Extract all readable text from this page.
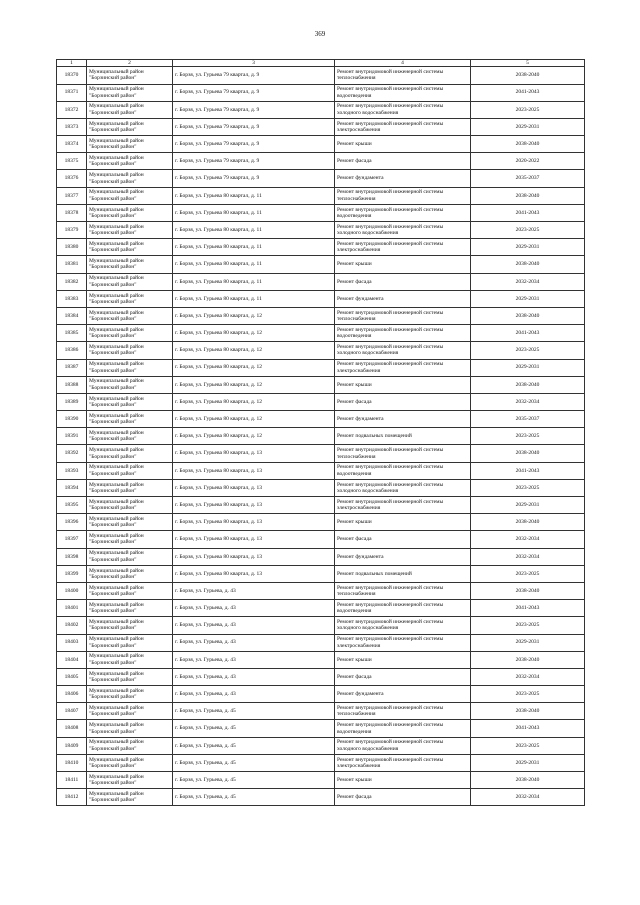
369
1	2	3	4	5
18370	Муниципальный район "Борзинский район"	г. Борзя, ул. Гурьева 79 квартал, д. 9	Ремонт внутридомовой инженерной системы теплоснабжения	2038-2040
18371	Муниципальный район "Борзинский район"	г. Борзя, ул. Гурьева 79 квартал, д. 9	Ремонт внутридомовой инженерной системы водоотведения	2041-2043
18372	Муниципальный район "Борзинский район"	г. Борзя, ул. Гурьева 79 квартал, д. 9	Ремонт внутридомовой инженерной системы холодного водоснабжения	2023-2025
18373	Муниципальный район "Борзинский район"	г. Борзя, ул. Гурьева 79 квартал, д. 9	Ремонт внутридомовой инженерной системы электроснабжения	2029-2031
18374	Муниципальный район "Борзинский район"	г. Борзя, ул. Гурьева 79 квартал, д. 9	Ремонт крыши	2038-2040
18375	Муниципальный район "Борзинский район"	г. Борзя, ул. Гурьева 79 квартал, д. 9	Ремонт фасада	2020-2022
18376	Муниципальный район "Борзинский район"	г. Борзя, ул. Гурьева 79 квартал, д. 9	Ремонт фундамента	2035-2037
18377	Муниципальный район "Борзинский район"	г. Борзя, ул. Гурьева 80 квартал, д. 11	Ремонт внутридомовой инженерной системы теплоснабжения	2038-2040
18378	Муниципальный район "Борзинский район"	г. Борзя, ул. Гурьева 80 квартал, д. 11	Ремонт внутридомовой инженерной системы водоотведения	2041-2043
18379	Муниципальный район "Борзинский район"	г. Борзя, ул. Гурьева 80 квартал, д. 11	Ремонт внутридомовой инженерной системы холодного водоснабжения	2023-2025
18380	Муниципальный район "Борзинский район"	г. Борзя, ул. Гурьева 80 квартал, д. 11	Ремонт внутридомовой инженерной системы электроснабжения	2029-2031
18381	Муниципальный район "Борзинский район"	г. Борзя, ул. Гурьева 80 квартал, д. 11	Ремонт крыши	2038-2040
18382	Муниципальный район "Борзинский район"	г. Борзя, ул. Гурьева 80 квартал, д. 11	Ремонт фасада	2032-2034
18383	Муниципальный район "Борзинский район"	г. Борзя, ул. Гурьева 80 квартал, д. 11	Ремонт фундамента	2029-2031
18384	Муниципальный район "Борзинский район"	г. Борзя, ул. Гурьева 80 квартал, д. 12	Ремонт внутридомовой инженерной системы теплоснабжения	2038-2040
18385	Муниципальный район "Борзинский район"	г. Борзя, ул. Гурьева 80 квартал, д. 12	Ремонт внутридомовой инженерной системы водоотведения	2041-2043
18386	Муниципальный район "Борзинский район"	г. Борзя, ул. Гурьева 80 квартал, д. 12	Ремонт внутридомовой инженерной системы холодного водоснабжения	2023-2025
18387	Муниципальный район "Борзинский район"	г. Борзя, ул. Гурьева 80 квартал, д. 12	Ремонт внутридомовой инженерной системы электроснабжения	2029-2031
18388	Муниципальный район "Борзинский район"	г. Борзя, ул. Гурьева 80 квартал, д. 12	Ремонт крыши	2038-2040
18389	Муниципальный район "Борзинский район"	г. Борзя, ул. Гурьева 80 квартал, д. 12	Ремонт фасада	2032-2034
18390	Муниципальный район "Борзинский район"	г. Борзя, ул. Гурьева 80 квартал, д. 12	Ремонт фундамента	2035-2037
18391	Муниципальный район "Борзинский район"	г. Борзя, ул. Гурьева 80 квартал, д. 12	Ремонт подвальных помещений	2023-2025
18392	Муниципальный район "Борзинский район"	г. Борзя, ул. Гурьева 80 квартал, д. 13	Ремонт внутридомовой инженерной системы теплоснабжения	2038-2040
18393	Муниципальный район "Борзинский район"	г. Борзя, ул. Гурьева 80 квартал, д. 13	Ремонт внутридомовой инженерной системы водоотведения	2041-2043
18394	Муниципальный район "Борзинский район"	г. Борзя, ул. Гурьева 80 квартал, д. 13	Ремонт внутридомовой инженерной системы холодного водоснабжения	2023-2025
18395	Муниципальный район "Борзинский район"	г. Борзя, ул. Гурьева 80 квартал, д. 13	Ремонт внутридомовой инженерной системы электроснабжения	2029-2031
18396	Муниципальный район "Борзинский район"	г. Борзя, ул. Гурьева 80 квартал, д. 13	Ремонт крыши	2038-2040
18397	Муниципальный район "Борзинский район"	г. Борзя, ул. Гурьева 80 квартал, д. 13	Ремонт фасада	2032-2034
18398	Муниципальный район "Борзинский район"	г. Борзя, ул. Гурьева 80 квартал, д. 13	Ремонт фундамента	2032-2034
18399	Муниципальный район "Борзинский район"	г. Борзя, ул. Гурьева 80 квартал, д. 13	Ремонт подвальных помещений	2023-2025
18400	Муниципальный район "Борзинский район"	г. Борзя, ул. Гурьева, д. 43	Ремонт внутридомовой инженерной системы теплоснабжения	2038-2040
18401	Муниципальный район "Борзинский район"	г. Борзя, ул. Гурьева, д. 43	Ремонт внутридомовой инженерной системы водоотведения	2041-2043
18402	Муниципальный район "Борзинский район"	г. Борзя, ул. Гурьева, д. 43	Ремонт внутридомовой инженерной системы холодного водоснабжения	2023-2025
18403	Муниципальный район "Борзинский район"	г. Борзя, ул. Гурьева, д. 43	Ремонт внутридомовой инженерной системы электроснабжения	2029-2031
18404	Муниципальный район "Борзинский район"	г. Борзя, ул. Гурьева, д. 43	Ремонт крыши	2038-2040
18405	Муниципальный район "Борзинский район"	г. Борзя, ул. Гурьева, д. 43	Ремонт фасада	2032-2034
18406	Муниципальный район "Борзинский район"	г. Борзя, ул. Гурьева, д. 43	Ремонт фундамента	2023-2025
18407	Муниципальный район "Борзинский район"	г. Борзя, ул. Гурьева, д. 45	Ремонт внутридомовой инженерной системы теплоснабжения	2038-2040
18408	Муниципальный район "Борзинский район"	г. Борзя, ул. Гурьева, д. 45	Ремонт внутридомовой инженерной системы водоотведения	2041-2043
18409	Муниципальный район "Борзинский район"	г. Борзя, ул. Гурьева, д. 45	Ремонт внутридомовой инженерной системы холодного водоснабжения	2023-2025
18410	Муниципальный район "Борзинский район"	г. Борзя, ул. Гурьева, д. 45	Ремонт внутридомовой инженерной системы электроснабжения	2029-2031
18411	Муниципальный район "Борзинский район"	г. Борзя, ул. Гурьева, д. 45	Ремонт крыши	2038-2040
18412	Муниципальный район "Борзинский район"	г. Борзя, ул. Гурьева, д. 45	Ремонт фасада	2032-2034
